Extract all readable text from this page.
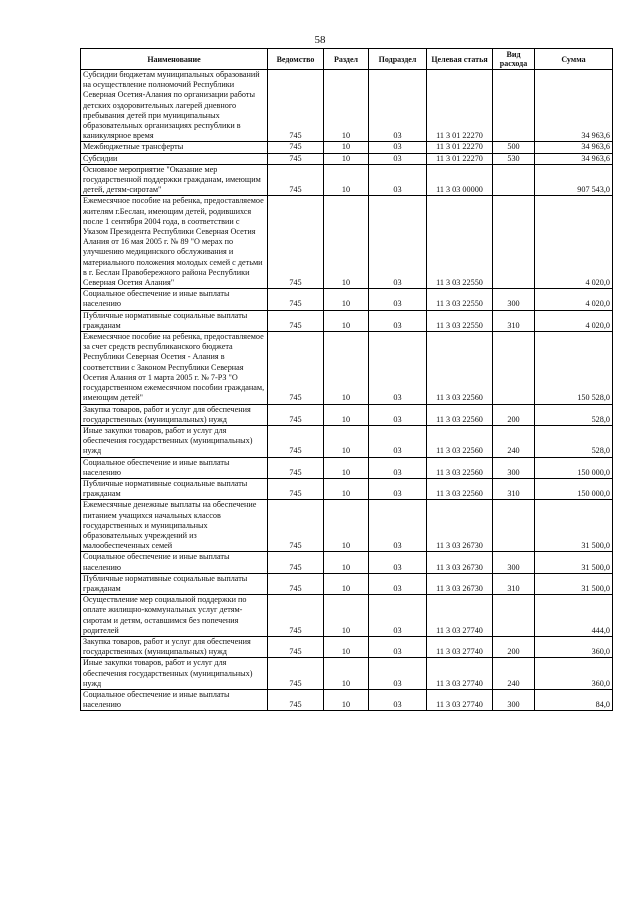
58
Наименование	Ведомство	Раздел	Подраздел	Целевая статья	Вид расхода	Сумма
Субсидии бюджетам муниципальных образований на осуществление полномочий Республики Северная Осетия-Алания по организации работы детских оздоровительных лагерей дневного пребывания детей при муниципальных образовательных организациях республики в каникулярное время	745	10	03	11 3 01 22270		34 963,6
Межбюджетные трансферты	745	10	03	11 3 01 22270	500	34 963,6
Субсидии	745	10	03	11 3 01 22270	530	34 963,6
Основное мероприятие "Оказание мер государственной поддержки гражданам, имеющим детей, детям-сиротам"	745	10	03	11 3 03 00000		907 543,0
Ежемесячное пособие на ребенка, предоставляемое жителям г.Беслан, имеющим детей, родившихся после 1 сентября 2004 года, в соответствии с Указом Президента Республики Северная Осетия Алания от 16 мая 2005 г. № 89 "О мерах по улучшению медицинского обслуживания и материального положения молодых семей с детьми в г. Беслан Правобережного района Республики Северная Осетия Алания"	745	10	03	11 3 03 22550		4 020,0
Социальное обеспечение и иные выплаты населению	745	10	03	11 3 03 22550	300	4 020,0
Публичные нормативные социальные выплаты гражданам	745	10	03	11 3 03 22550	310	4 020,0
Ежемесячное пособие на ребенка, предоставляемое за счет средств республиканского бюджета Республики Северная Осетия - Алания в соответствии с Законом Республики Северная Осетия Алания от 1 марта 2005 г. № 7-РЗ "О государственном ежемесячном пособии гражданам, имеющим детей"	745	10	03	11 3 03 22560		150 528,0
Закупка товаров, работ и услуг для обеспечения государственных (муниципальных) нужд	745	10	03	11 3 03 22560	200	528,0
Иные закупки товаров, работ и услуг для обеспечения государственных (муниципальных) нужд	745	10	03	11 3 03 22560	240	528,0
Социальное обеспечение и иные выплаты населению	745	10	03	11 3 03 22560	300	150 000,0
Публичные нормативные социальные выплаты гражданам	745	10	03	11 3 03 22560	310	150 000,0
Ежемесячные денежные выплаты на обеспечение питанием учащихся начальных классов государственных и муниципальных образовательных учреждений из малообеспеченных семей	745	10	03	11 3 03 26730		31 500,0
Социальное обеспечение и иные выплаты населению	745	10	03	11 3 03 26730	300	31 500,0
Публичные нормативные социальные выплаты гражданам	745	10	03	11 3 03 26730	310	31 500,0
Осуществление мер социальной поддержки по оплате жилищно-коммунальных услуг детям-сиротам и детям, оставшимся без попечения родителей	745	10	03	11 3 03 27740		444,0
Закупка товаров, работ и услуг для обеспечения государственных (муниципальных) нужд	745	10	03	11 3 03 27740	200	360,0
Иные закупки товаров, работ и услуг для обеспечения государственных (муниципальных) нужд	745	10	03	11 3 03 27740	240	360,0
Социальное обеспечение и иные выплаты населению	745	10	03	11 3 03 27740	300	84,0
